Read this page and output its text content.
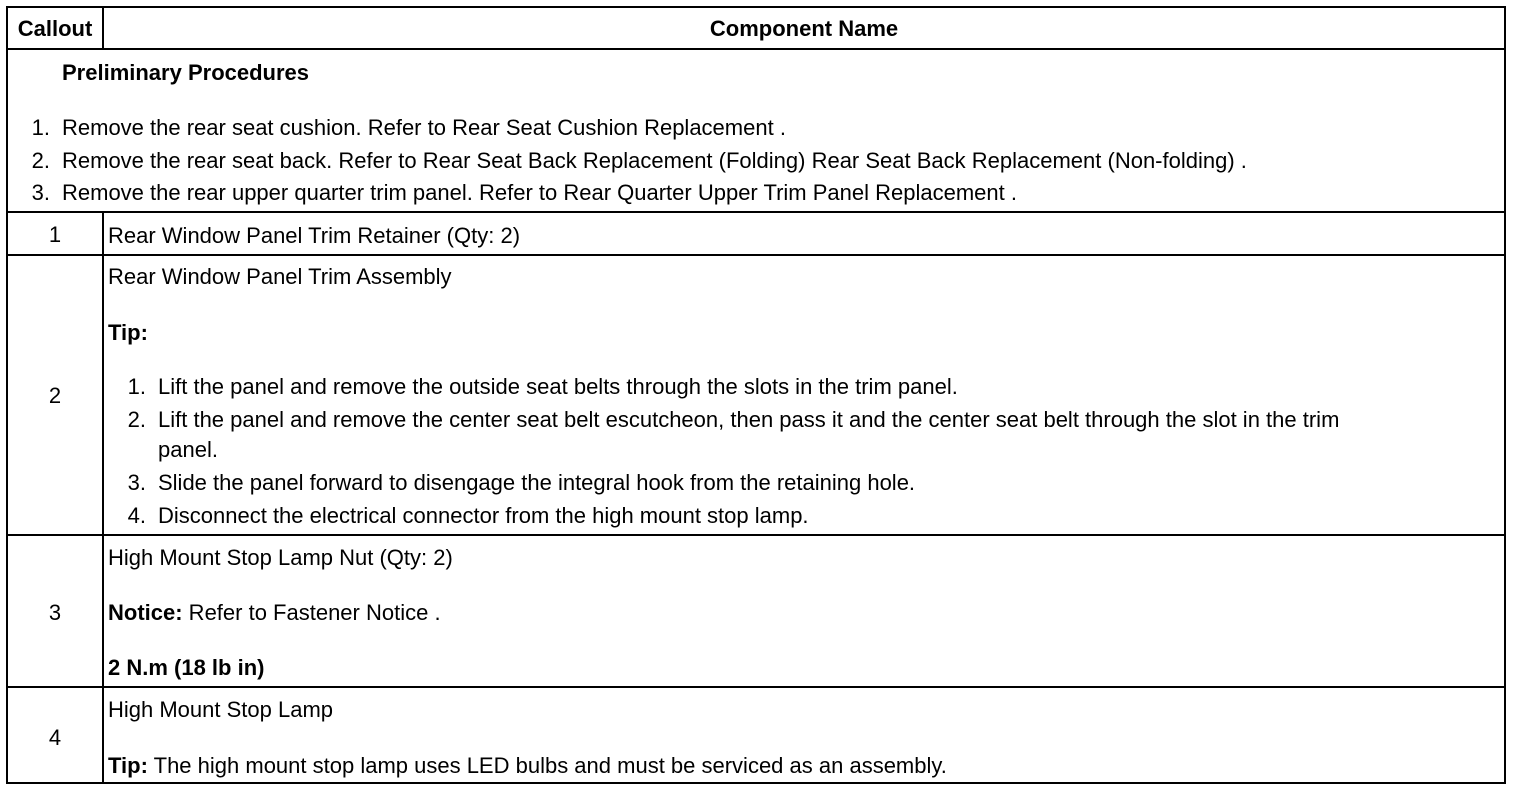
Callout	Component Name
Preliminary Procedures
1. Remove the rear seat cushion. Refer to Rear Seat Cushion Replacement .
2. Remove the rear seat back. Refer to Rear Seat Back Replacement (Folding) Rear Seat Back Replacement (Non-folding) .
3. Remove the rear upper quarter trim panel. Refer to Rear Quarter Upper Trim Panel Replacement .
1	Rear Window Panel Trim Retainer (Qty: 2)
2
Rear Window Panel Trim Assembly
Tip:
1. Lift the panel and remove the outside seat belts through the slots in the trim panel.
2. Lift the panel and remove the center seat belt escutcheon, then pass it and the center seat belt through the slot in the trim
panel.
3. Slide the panel forward to disengage the integral hook from the retaining hole.
4. Disconnect the electrical connector from the high mount stop lamp.
3
High Mount Stop Lamp Nut (Qty: 2)
Notice: Refer to Fastener Notice .
2 N.m (18 lb in)
4
High Mount Stop Lamp
Tip: The high mount stop lamp uses LED bulbs and must be serviced as an assembly.
